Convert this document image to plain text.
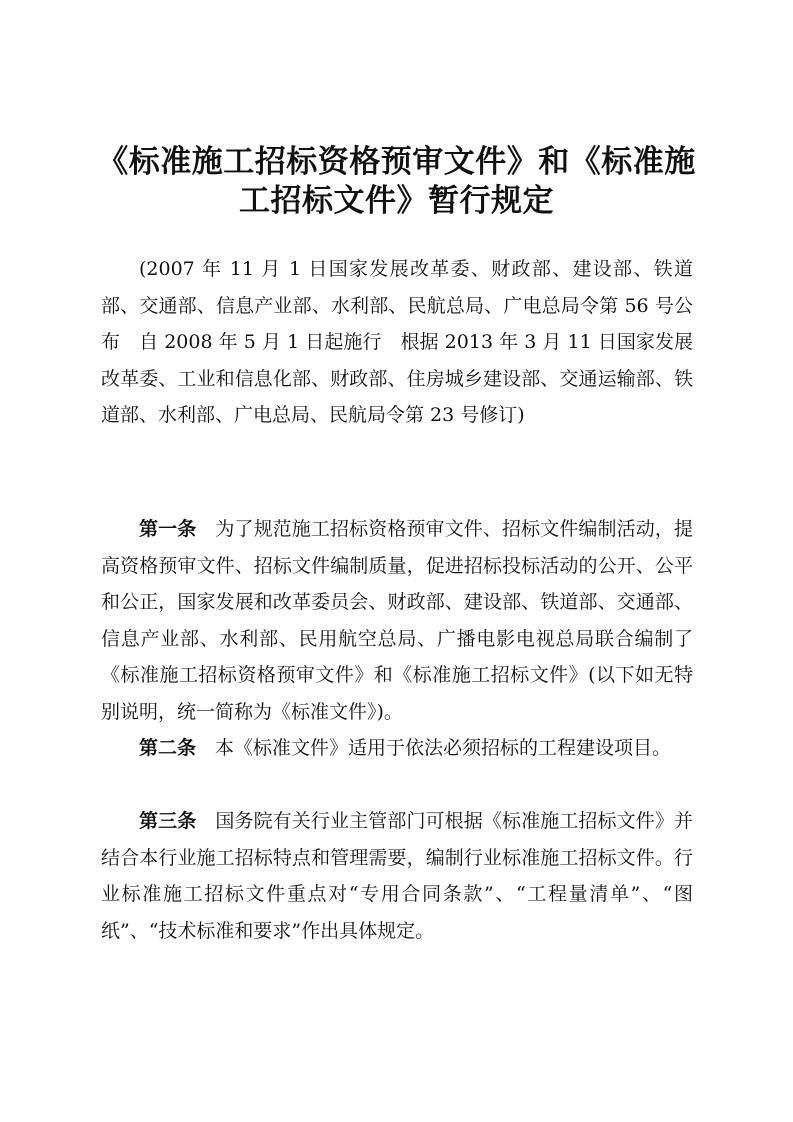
《标准施工招标资格预审文件》和《标准施
工招标文件》暂行规定

(2007 年 11 月 1 日国家发展改革委、财政部、建设部、铁道部、交通部、信息产业部、水利部、民航总局、广电总局令第 56 号公布　自 2008 年 5 月 1 日起施行　根据 2013 年 3 月 11 日国家发展改革委、工业和信息化部、财政部、住房城乡建设部、交通运输部、铁道部、水利部、广电总局、民航局令第 23 号修订)

第一条 为了规范施工招标资格预审文件、招标文件编制活动，提高资格预审文件、招标文件编制质量，促进招标投标活动的公开、公平和公正，国家发展和改革委员会、财政部、建设部、铁道部、交通部、信息产业部、水利部、民用航空总局、广播电影电视总局联合编制了《标准施工招标资格预审文件》和《标准施工招标文件》(以下如无特别说明，统一简称为《标准文件》)。

第二条 本《标准文件》适用于依法必须招标的工程建设项目。

第三条 国务院有关行业主管部门可根据《标准施工招标文件》并结合本行业施工招标特点和管理需要，编制行业标准施工招标文件。行业标准施工招标文件重点对“专用合同条款”、“工程量清单”、“图纸”、“技术标准和要求”作出具体规定。
